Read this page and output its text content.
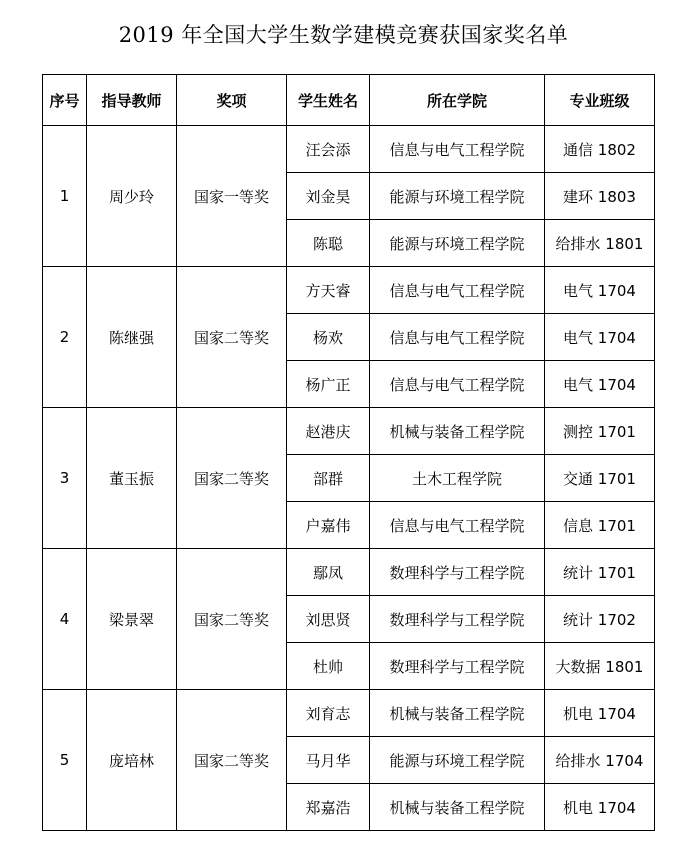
2019 年全国大学生数学建模竞赛获国家奖名单
序号	指导教师	奖项	学生姓名	所在学院	专业班级
1	周少玲	国家一等奖	汪会添	信息与电气工程学院	通信 1802
			刘金昊	能源与环境工程学院	建环 1803
			陈聪	能源与环境工程学院	给排水 1801
2	陈继强	国家二等奖	方天睿	信息与电气工程学院	电气 1704
			杨欢	信息与电气工程学院	电气 1704
			杨广正	信息与电气工程学院	电气 1704
3	董玉振	国家二等奖	赵港庆	机械与装备工程学院	测控 1701
			部群	土木工程学院	交通 1701
			户嘉伟	信息与电气工程学院	信息 1701
4	梁景翠	国家二等奖	鄢凤	数理科学与工程学院	统计 1701
			刘思贤	数理科学与工程学院	统计 1702
			杜帅	数理科学与工程学院	大数据 1801
5	庞培林	国家二等奖	刘育志	机械与装备工程学院	机电 1704
			马月华	能源与环境工程学院	给排水 1704
			郑嘉浩	机械与装备工程学院	机电 1704
